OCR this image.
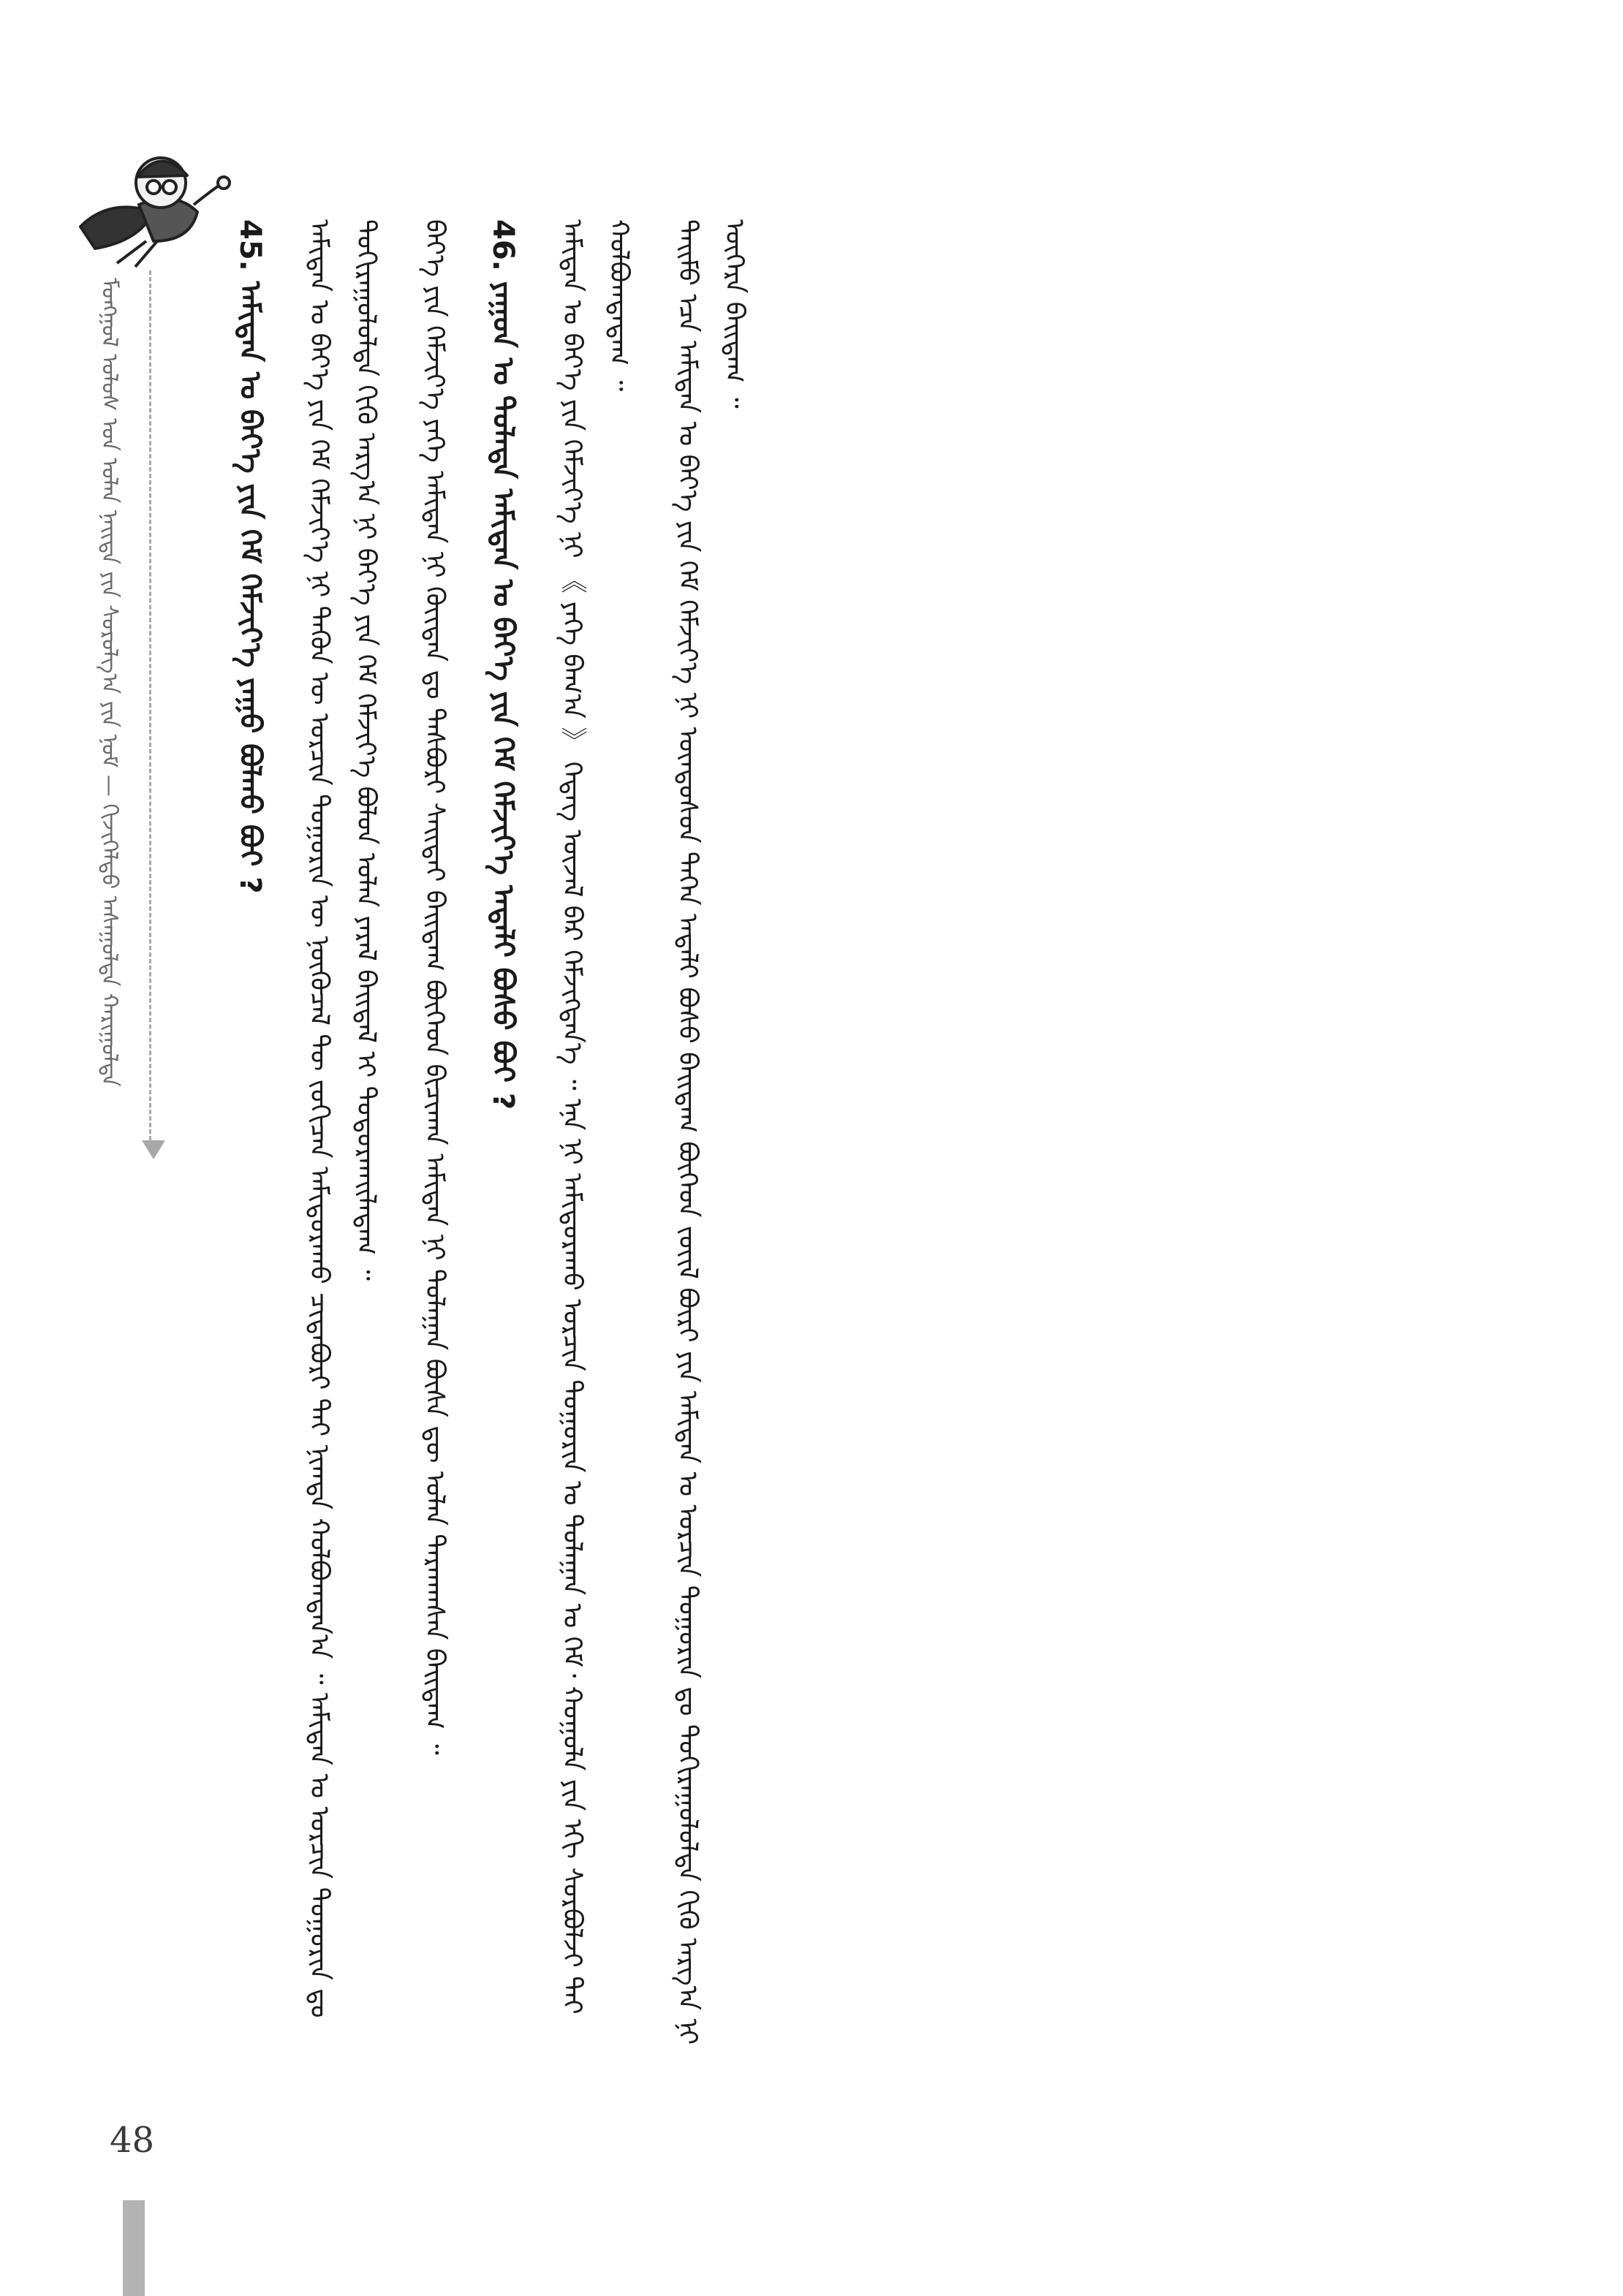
ᠮᠣᠩᠭᠣᠯ ᠤᠯᠤᠰ ᠤᠨ ᠣᠯᠠᠨ ᠨᠡᠢᠲᠡ ᠶᠢᠨ ᠰᠤᠷᠤᠯᠭ᠎ᠠ ᠶᠢᠨ ᠨᠣᠮ — ᠬᠢᠵᠢᠭᠡᠯᠲᠦ ᠠᠰᠠᠭᠤᠯᠲᠠ ᠬᠠᠷᠢᠭᠤᠯᠲᠠ	45. ᠠᠮᠢᠲᠠᠨ ᠤ ᠪᠡᠶ᠎ᠡ ᠶᠢᠨ ᠬᠡᠮ ᠬᠡᠮᠵᠢᠶ᠎ᠡ ᠶᠠᠭᠤ ᠪᠣᠯᠬᠤ ᠪᠤᠢ ? ᠠᠮᠢᠲᠠᠨ ᠤ ᠪᠡᠶ᠎ᠡ ᠶᠢᠨ ᠬᠡᠮ ᠬᠡᠮᠵᠢᠶ᠎ᠡ ᠨᠢ ᠲᠡᠭᠦᠨ ᠦ ᠣᠷᠴᠢᠨ ᠲᠣᠭᠣᠷᠢᠨ ᠦ ᠨᠥᠬᠦᠴᠡᠯ ᠲᠦ ᠵᠣᠬᠢᠴᠠᠨ ᠠᠮᠢᠳᠤᠷᠠᠬᠤ ᠴᠢᠳᠠᠪᠤᠷᠢ ᠲᠠᠢ ᠨᠢᠭᠲᠠ ᠬᠣᠯᠪᠣᠭᠳᠠᠨ᠎ᠠ ᠃ ᠠᠮᠢᠲᠠᠨ ᠤ ᠣᠷᠴᠢᠨ ᠲᠣᠭᠣᠷᠢᠨ ᠳᠤ ᠲᠣᠬᠢᠷᠠᠭᠤᠯᠤᠯᠲᠠ ᠬᠢᠬᠦ ᠠᠷᠭ᠎ᠠ ᠨᠢ ᠪᠡᠶ᠎ᠡ ᠶᠢᠨ ᠬᠡᠮ ᠬᠡᠮᠵᠢᠶ᠎ᠡ ᠪᠣᠯᠤᠨ ᠣᠯᠠᠨ ᠶᠠᠷᠠᠯ ᠪᠠᠢᠳᠠᠯ ᠢ ᠲᠣᠳᠤᠷᠬᠠᠢᠯᠠᠳᠠᠭ ᠃ ᠪᠡᠶ᠎ᠡ ᠶᠢᠨ ᠬᠡᠮᠵᠢᠶ᠎ᠡ ᠶᠡᠬᠡ ᠠᠮᠢᠲᠠᠨ ᠨᠢ ᠬᠦᠢᠲᠡᠨ ᠳᠤ ᠲᠡᠰᠪᠦᠷᠢ ᠰᠠᠢᠲᠠᠢ ᠪᠠᠢᠳᠠᠭ ᠪᠥᠭᠡᠳ ᠪᠢᠴᠢᠬᠠᠨ ᠠᠮᠢᠲᠠᠨ ᠨᠢ ᠳᠤᠯᠠᠭᠠᠨ ᠪᠥᠰᠡ ᠳᠦ ᠣᠯᠠᠨ ᠲᠠᠷᠬᠠᠭᠰᠠᠨ ᠪᠠᠢᠳᠠᠭ ᠃ 46. ᠶᠠᠭᠤᠨ ᠤ ᠲᠤᠯᠠᠳᠠ ᠠᠮᠢᠲᠠᠨ ᠤ ᠪᠡᠶ᠎ᠡ ᠶᠢᠨ ᠬᠡᠮ ᠬᠡᠮᠵᠢᠶ᠎ᠡ ᠠᠳᠠᠯᠢ ᠪᠤᠰᠤ ᠪᠤᠢ ? ᠠᠮᠢᠲᠠᠨ ᠤ ᠪᠡᠶ᠎ᠡ ᠶᠢᠨ ᠬᠡᠮᠵᠢᠶ᠎ᠡ ᠨᠢ 《 ᠶᠡᠬᠡ ᠪᠠᠭ᠎ᠠ 》 ᠭᠡᠳᠡᠭ ᠦᠵᠡᠯ ᠪᠠᠷ ᠬᠡᠮᠵᠢᠭᠳᠡᠨ᠎ᠡ ᠃ ᠡᠨᠡ ᠨᠢ ᠠᠮᠢᠳᠤᠷᠠᠬᠤ ᠣᠷᠴᠢᠨ ᠲᠣᠭᠣᠷᠢᠨ ᠤ ᠳᠤᠯᠠᠭᠠᠨ ᠤ ᠬᠡᠮ᠂ ᠬᠣᠭᠣᠯᠠ ᠶᠢᠨ ᠡᠬᠢ ᠰᠤᠷᠪᠤᠯᠵᠢ ᠲᠠᠢ ᠬᠣᠯᠪᠣᠭᠳᠠᠳᠠᠭ ᠃ ᠲᠡᠢᠮᠦ ᠡᠴᠡ ᠠᠮᠢᠲᠠᠨ ᠤ ᠪᠡᠶ᠎ᠡ ᠶᠢᠨ ᠬᠡᠮ ᠬᠡᠮᠵᠢᠶ᠎ᠡ ᠨᠢ ᠦᠨᠳᠦᠰᠦᠨ ᠳᠡᠭᠡᠨ ᠠᠳᠠᠯᠢ ᠪᠤᠰᠤ ᠪᠠᠢᠳᠠᠭ ᠪᠥᠭᠡᠳ ᠵᠦᠢᠯ ᠪᠦᠷᠢ ᠶᠢᠨ ᠠᠮᠢᠲᠠᠨ ᠤ ᠣᠷᠴᠢᠨ ᠲᠣᠭᠣᠷᠢᠨ ᠳᠤ ᠲᠣᠬᠢᠷᠠᠭᠤᠯᠤᠯᠲᠠ ᠬᠢᠬᠦ ᠠᠷᠭ᠎ᠠ ᠨᠢ ᠥᠭᠡᠷᠡ ᠪᠠᠢᠳᠠᠭ ᠃
48
